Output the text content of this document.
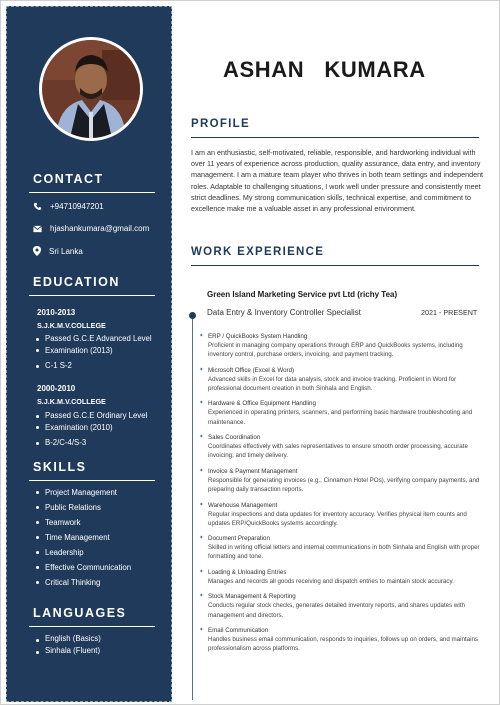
CONTACT
+94710947201
hjashankumara@gmail.com
Sri Lanka
EDUCATION
2010-2013
S.J.K.M.V.COLLEGE
Passed G.C.E Advanced Level
Examination (2013)
C-1 S-2
2000-2010
S.J.K.M.V.COLLEGE
Passed G.C.E Ordinary Level
Examination (2010)
B-2/C-4/S-3
SKILLS
Project Management
Public Relations
Teamwork
Time Management
Leadership
Effective Communication
Critical Thinking
LANGUAGES
English (Basics)
Sinhala (Fluent)
ASHAN   KUMARA
PROFILE
I am an enthusiastic, self-motivated, reliable, responsible, and hardworking individual with over 11 years of experience across production, quality assurance, data entry, and inventory management. I am a mature team player who thrives in both team settings and independent roles. Adaptable to challenging situations, I work well under pressure and consistently meet strict deadlines. My strong communication skills, technical expertise, and commitment to excellence make me a valuable asset in any professional environment.
WORK EXPERIENCE
Green Island Marketing Service pvt Ltd (richy Tea)
Data Entry & Inventory Controller Specialist	2021 - PRESENT
✦ ERP / QuickBooks System Handling
Proficient in managing company operations through ERP and QuickBooks systems, including inventory control, purchase orders, invoicing, and payment tracking.
✦ Microsoft Office (Excel & Word)
Advanced skills in Excel for data analysis, stock and invoice tracking. Proficient in Word for professional document creation in both Sinhala and English.
✦ Hardware & Office Equipment Handling
Experienced in operating printers, scanners, and performing basic hardware troubleshooting and maintenance.
✦ Sales Coordination
Coordinates effectively with sales representatives to ensure smooth order processing, accurate invoicing, and timely delivery.
✦ Invoice & Payment Management
Responsible for generating invoices (e.g., Cinnamon Hotel POs), verifying company payments, and preparing daily transaction reports.
✦ Warehouse Management
Regular inspections and data updates for inventory accuracy. Verifies physical item counts and updates ERP/QuickBooks systems accordingly.
✦ Document Preparation
Skilled in writing official letters and internal communications in both Sinhala and English with proper formatting and tone.
✦ Loading & Unloading Entries
Manages and records all goods receiving and dispatch entries to maintain stock accuracy.
✦ Stock Management & Reporting
Conducts regular stock checks, generates detailed inventory reports, and shares updates with management and directors.
✦ Email Communication
Handles business email communication, responds to inquiries, follows up on orders, and maintains professionalism across platforms.
